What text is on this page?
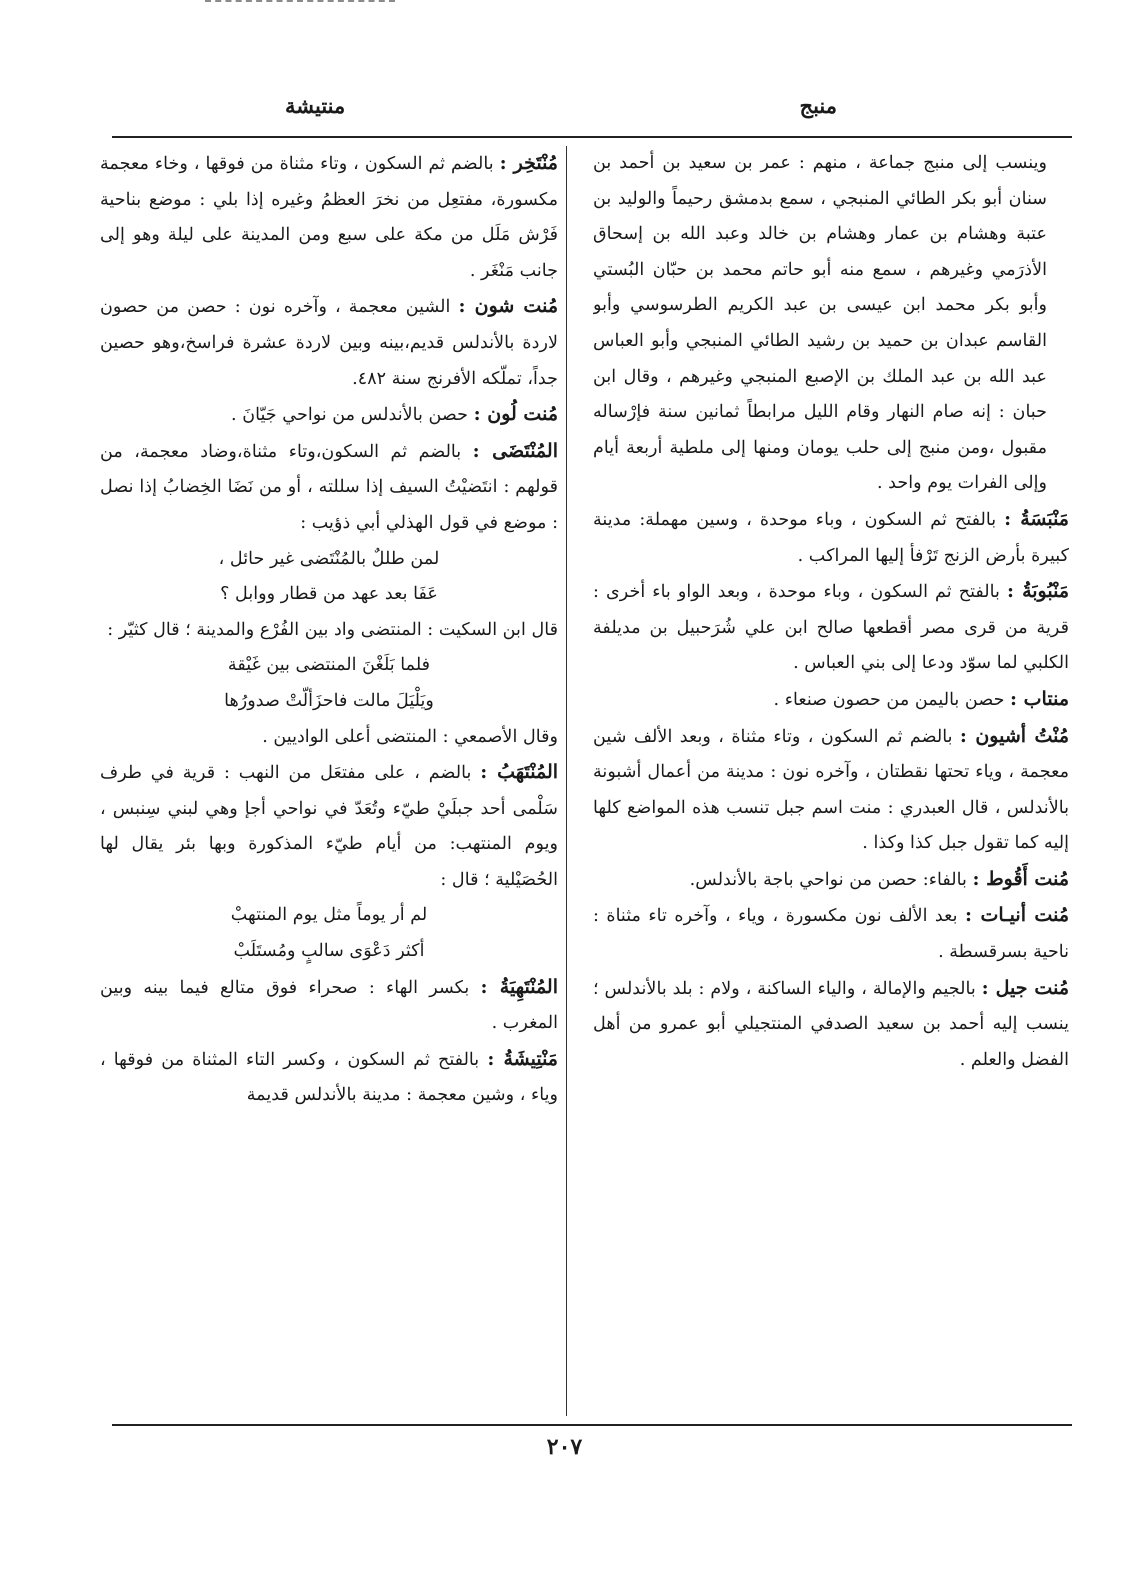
منبج
منتيشة

وينسب إلى منبج جماعة ، منهم : عمر بن سعيد بن أحمد بن سنان أبو بكر الطائي المنبجي ، سمع بدمشق رحيماً والوليد بن عتبة وهشام بن عمار وهشام بن خالد وعبد الله بن إسحاق الأذرَمي وغيرهم ، سمع منه أبو حاتم محمد بن حبّان البُستي وأبو بكر محمد ابن عيسى بن عبد الكريم الطرسوسي وأبو القاسم عبدان بن حميد بن رشيد الطائي المنبجي وأبو العباس عبد الله بن عبد الملك بن الإصبع المنبجي وغيرهم ، وقال ابن حبان : إنه صام النهار وقام الليل مرابطاً ثمانين سنة فإرْساله مقبول ،ومن منبج إلى حلب يومان ومنها إلى ملطية أربعة أيام وإلى الفرات يوم واحد .

مَنْبَسَةُ : بالفتح ثم السكون ، وباء موحدة ، وسين مهملة: مدينة كبيرة بأرض الزنج تَرْفأ إليها المراكب .

مَنْبُوبَةُ : بالفتح ثم السكون ، وباء موحدة ، وبعد الواو باء أخرى : قرية من قرى مصر أقطعها صالح ابن علي شُرَحبيل بن مديلفة الكلبي لما سوّد ودعا إلى بني العباس .

منتاب : حصن باليمن من حصون صنعاء .

مُنْتُ أشيون : بالضم ثم السكون ، وتاء مثناة ، وبعد الألف شين معجمة ، وياء تحتها نقطتان ، وآخره نون : مدينة من أعمال أشبونة بالأندلس ، قال العبدري : منت اسم جبل تنسب هذه المواضع كلها إليه كما تقول جبل كذا وكذا .

مُنت أَقُوط : بالفاء: حصن من نواحي باجة بالأندلس.

مُنت أنيـات : بعد الألف نون مكسورة ، وياء ، وآخره تاء مثناة : ناحية بسرقسطة .

مُنت جيل : بالجيم والإمالة ، والياء الساكنة ، ولام : بلد بالأندلس ؛ ينسب إليه أحمد بن سعيد الصدفي المنتجيلي أبو عمرو من أهل الفضل والعلم .

مُنْتَخِر : بالضم ثم السكون ، وتاء مثناة من فوقها ، وخاء معجمة مكسورة، مفتعِل من نخرَ العظمُ وغيره إذا بلي : موضع بناحية فَرْش مَلَل من مكة على سبع ومن المدينة على ليلة وهو إلى جانب مَنْغَر .

مُنت شون : الشين معجمة ، وآخره نون : حصن من حصون لاردة بالأندلس قديم،بينه وبين لاردة عشرة فراسخ،وهو حصين جداً، تملّكه الأفرنج سنة ٤٨٢.

مُنت لُون : حصن بالأندلس من نواحي جَيّانَ .

المُنْتَضَى : بالضم ثم السكون،وتاء مثناة،وضاد معجمة، من قولهم : انتَضيْتُ السيف إذا سللته ، أو من نَضَا الخِضابُ إذا نصل : موضع في قول الهذلي أبي ذؤيب :

لمن طللٌ بالمُنْتَضى غير حائل ،

عَفَا بعد عهد من قطار ووابل ؟

قال ابن السكيت : المنتضى واد بين الفُرْع والمدينة ؛ قال كثيّر :

فلما بَلَغْنَ المنتضى بين غَيْقة

ويَلْيَلَ مالت فاحزَألّتْ صدورُها

وقال الأصمعي : المنتضى أعلى الواديين .

المُنْتَهَبُ : بالضم ، على مفتعَل من النهب : قرية في طرف سَلْمى أحد جبلَيْ طيّء وتُعَدّ في نواحي أجإ وهي لبني سِنبس ، ويوم المنتهب: من أيام طيّء المذكورة وبها بئر يقال لها الحُصَيْلية ؛ قال :

لم أر يوماً مثل يوم المنتهبْ

أكثر دَعْوَى سالبٍ ومُستَلَبْ

المُنْتَهِيَةُ : بكسر الهاء : صحراء فوق متالع فيما بينه وبين المغرب .

مَنْتِيشَةُ : بالفتح ثم السكون ، وكسر التاء المثناة من فوقها ، وياء ، وشين معجمة : مدينة بالأندلس قديمة

٢٠٧
